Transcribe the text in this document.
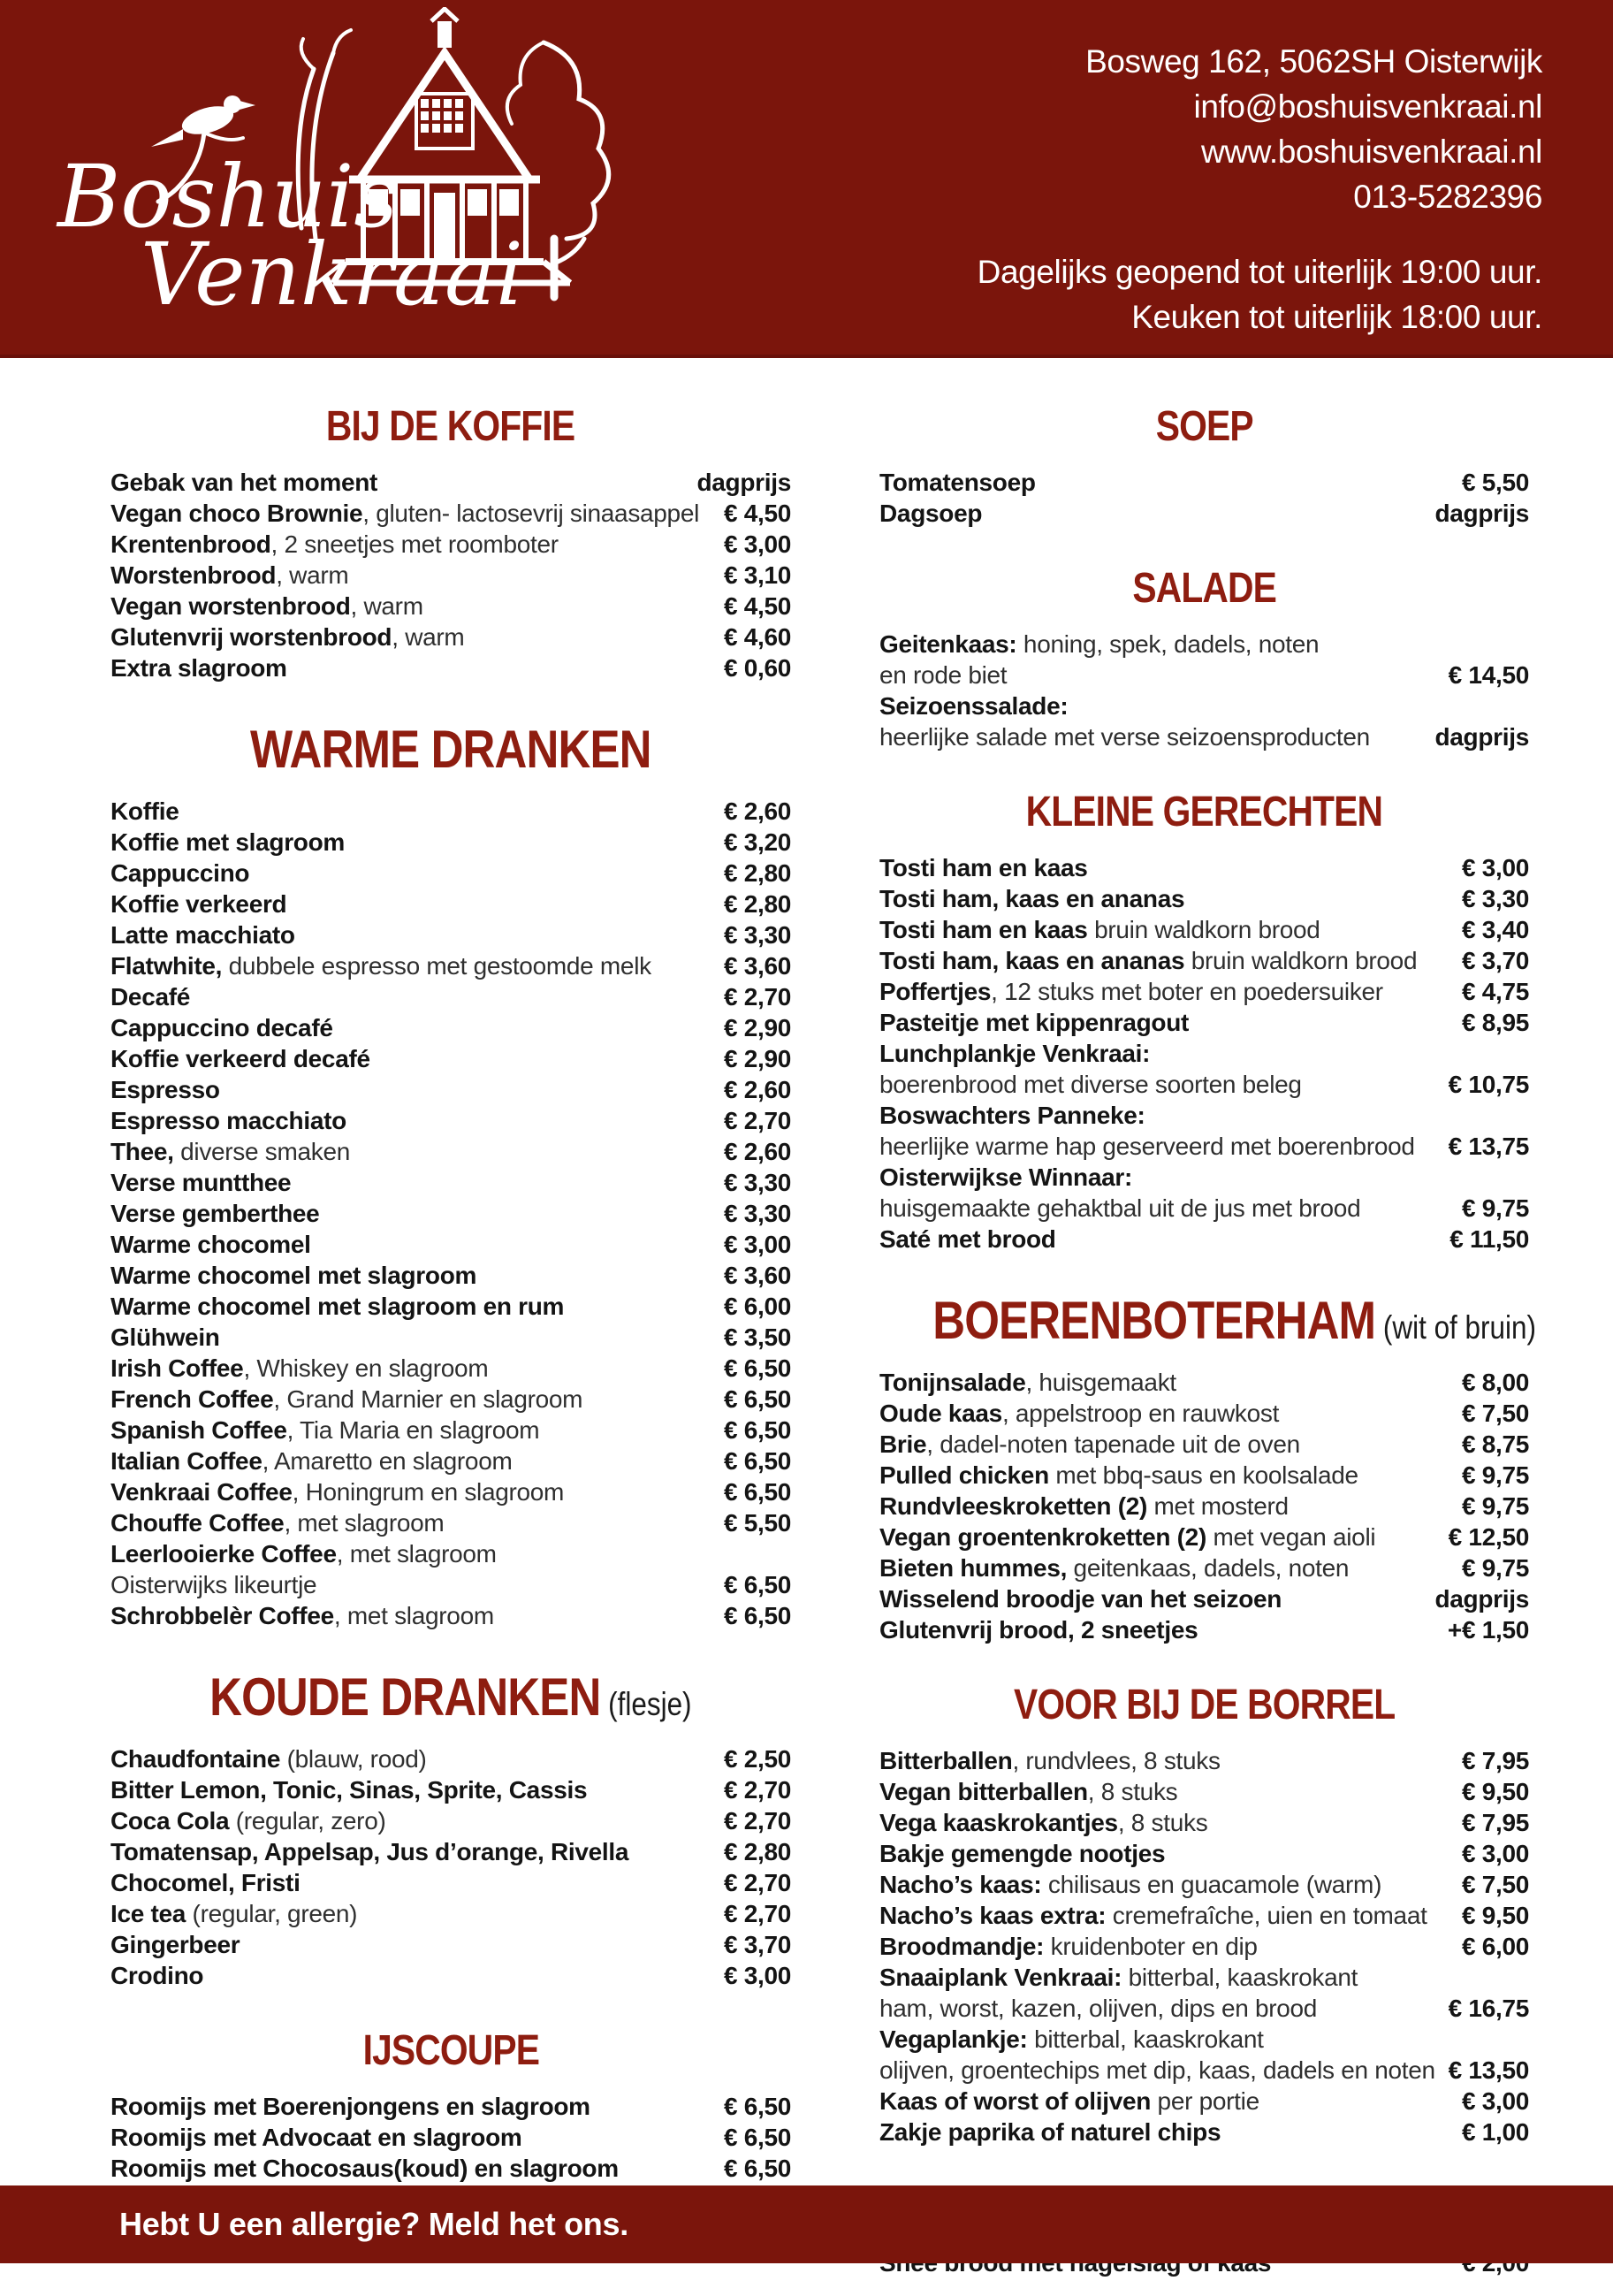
Boshuis
Venkraai
Bosweg 162, 5062SH Oisterwijk
info@boshuisvenkraai.nl
www.boshuisvenkraai.nl
013-5282396
Dagelijks geopend tot uiterlijk 19:00 uur.
Keuken tot uiterlijk 18:00 uur.
BIJ DE KOFFIE
Gebak van het moment	dagprijs
Vegan choco Brownie, gluten- lactosevrij sinaasappel € 4,50
Krentenbrood, 2 sneetjes met roomboter	€ 3,00
Worstenbrood, warm	€ 3,10
Vegan worstenbrood, warm	€ 4,50
Glutenvrij worstenbrood, warm	€ 4,60
Extra slagroom	€ 0,60
WARME DRANKEN
Koffie	€ 2,60
Koffie met slagroom	€ 3,20
Cappuccino	€ 2,80
Koffie verkeerd	€ 2,80
Latte macchiato	€ 3,30
Flatwhite, dubbele espresso met gestoomde melk	€ 3,60
Decafé	€ 2,70
Cappuccino decafé	€ 2,90
Koffie verkeerd decafé	€ 2,90
Espresso	€ 2,60
Espresso macchiato	€ 2,70
Thee, diverse smaken	€ 2,60
Verse muntthee	€ 3,30
Verse gemberthee	€ 3,30
Warme chocomel	€ 3,00
Warme chocomel met slagroom	€ 3,60
Warme chocomel met slagroom en rum	€ 6,00
Glühwein	€ 3,50
Irish Coffee, Whiskey en slagroom	€ 6,50
French Coffee, Grand Marnier en slagroom	€ 6,50
Spanish Coffee, Tia Maria en slagroom	€ 6,50
Italian Coffee, Amaretto en slagroom	€ 6,50
Venkraai Coffee, Honingrum en slagroom	€ 6,50
Chouffe Coffee, met slagroom	€ 5,50
Leerlooierke Coffee, met slagroom
Oisterwijks likeurtje	€ 6,50
Schrobbelèr Coffee, met slagroom	€ 6,50
KOUDE DRANKEN (flesje)
Chaudfontaine (blauw, rood)	€ 2,50
Bitter Lemon, Tonic, Sinas, Sprite, Cassis	€ 2,70
Coca Cola (regular, zero)	€ 2,70
Tomatensap, Appelsap, Jus d’orange, Rivella	€ 2,80
Chocomel, Fristi	€ 2,70
Ice tea (regular, green)	€ 2,70
Gingerbeer	€ 3,70
Crodino	€ 3,00
IJSCOUPE
Roomijs met Boerenjongens en slagroom	€ 6,50
Roomijs met Advocaat en slagroom	€ 6,50
Roomijs met Chocosaus(koud) en slagroom	€ 6,50
SOEP
Tomatensoep	€ 5,50
Dagsoep	dagprijs
SALADE
Geitenkaas: honing, spek, dadels, noten
en rode biet	€ 14,50
Seizoenssalade:
heerlijke salade met verse seizoensproducten	dagprijs
KLEINE GERECHTEN
Tosti ham en kaas	€ 3,00
Tosti ham, kaas en ananas	€ 3,30
Tosti ham en kaas bruin waldkorn brood	€ 3,40
Tosti ham, kaas en ananas bruin waldkorn brood	€ 3,70
Poffertjes, 12 stuks met boter en poedersuiker	€ 4,75
Pasteitje met kippenragout	€ 8,95
Lunchplankje Venkraai:
boerenbrood met diverse soorten beleg	€ 10,75
Boswachters Panneke:
heerlijke warme hap geserveerd met boerenbrood	€ 13,75
Oisterwijkse Winnaar:
huisgemaakte gehaktbal uit de jus met brood	€ 9,75
Saté met brood	€ 11,50
BOERENBOTERHAM (wit of bruin)
Tonijnsalade, huisgemaakt	€ 8,00
Oude kaas, appelstroop en rauwkost	€ 7,50
Brie, dadel-noten tapenade uit de oven	€ 8,75
Pulled chicken met bbq-saus en koolsalade	€ 9,75
Rundvleeskroketten (2) met mosterd	€ 9,75
Vegan groentenkroketten (2) met vegan aioli	€ 12,50
Bieten hummes, geitenkaas, dadels, noten	€ 9,75
Wisselend broodje van het seizoen	dagprijs
Glutenvrij brood, 2 sneetjes	+€ 1,50
VOOR BIJ DE BORREL
Bitterballen, rundvlees, 8 stuks	€ 7,95
Vegan bitterballen, 8 stuks	€ 9,50
Vega kaaskrokantjes, 8 stuks	€ 7,95
Bakje gemengde nootjes	€ 3,00
Nacho’s kaas: chilisaus en guacamole (warm)	€ 7,50
Nacho’s kaas extra: cremefraîche, uien en tomaat	€ 9,50
Broodmandje: kruidenboter en dip	€ 6,00
Snaaiplank Venkraai: bitterbal, kaaskrokant
ham, worst, kazen, olijven, dips en brood	€ 16,75
Vegaplankje: bitterbal, kaaskrokant
olijven, groentechips met dip, kaas, dadels en noten € 13,50
Kaas of worst of olijven per portie	€ 3,00
Zakje paprika of naturel chips	€ 1,00
Hebt U een allergie? Meld het ons.
